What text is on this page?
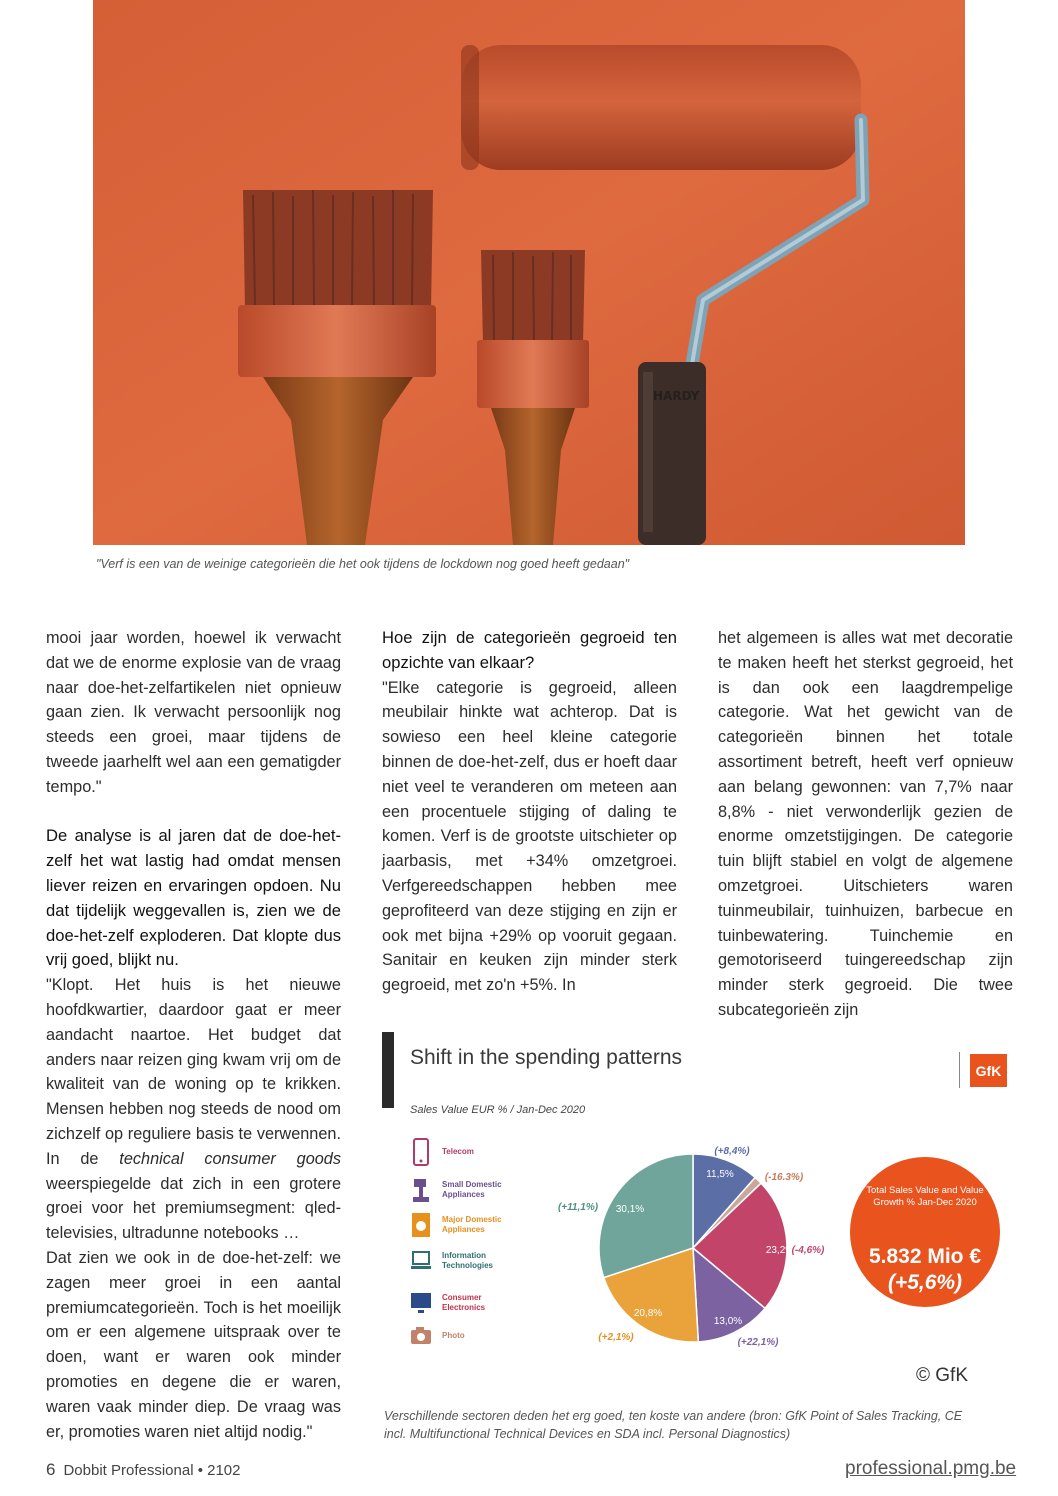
HARDY
"Verf is een van de weinige categorieën die het ook tijdens de lockdown nog goed heeft gedaan"

mooi jaar worden, hoewel ik verwacht dat we de enorme explosie van de vraag naar doe-het-zelfartikelen niet opnieuw gaan zien. Ik verwacht persoonlijk nog steeds een groei, maar tijdens de tweede jaarhelft wel aan een gematigder tempo."

De analyse is al jaren dat de doe-het-zelf het wat lastig had omdat mensen liever reizen en ervaringen opdoen. Nu dat tijdelijk weggevallen is, zien we de doe-het-zelf exploderen. Dat klopte dus vrij goed, blijkt nu.

"Klopt. Het huis is het nieuwe hoofdkwartier, daardoor gaat er meer aandacht naartoe. Het budget dat anders naar reizen ging kwam vrij om de kwaliteit van de woning op te krikken. Mensen hebben nog steeds de nood om zichzelf op reguliere basis te verwennen. In de technical consumer goods weerspiegelde dat zich in een grotere groei voor het premiumsegment: qled-televisies, ultradunne notebooks …

Dat zien we ook in de doe-het-zelf: we zagen meer groei in een aantal premiumcategorieën. Toch is het moeilijk om er een algemene uitspraak over te doen, want er waren ook minder promoties en degene die er waren, waren vaak minder diep. De vraag was er, promoties waren niet altijd nodig."

Hoe zijn de categorieën gegroeid ten opzichte van elkaar?

"Elke categorie is gegroeid, alleen meubilair hinkte wat achterop. Dat is sowieso een heel kleine categorie binnen de doe-het-zelf, dus er hoeft daar niet veel te veranderen om meteen aan een procentuele stijging of daling te komen. Verf is de grootste uitschieter op jaarbasis, met +34% omzetgroei. Verfgereedschappen hebben mee geprofiteerd van deze stijging en zijn er ook met bijna +29% op vooruit gegaan. Sanitair en keuken zijn minder sterk gegroeid, met zo'n +5%. In

het algemeen is alles wat met decoratie te maken heeft het sterkst gegroeid, het is dan ook een laagdrempelige categorie. Wat het gewicht van de categorieën binnen het totale assortiment betreft, heeft verf opnieuw aan belang gewonnen: van 7,7% naar 8,8% - niet verwonderlijk gezien de enorme omzetstijgingen. De categorie tuin blijft stabiel en volgt de algemene omzetgroei. Uitschieters waren tuinmeubilair, tuinhuizen, barbecue en tuinbewatering. Tuinchemie en gemotoriseerd tuingereedschap zijn minder sterk gegroeid. Die twee subcategorieën zijn

Shift in the spending patterns
Sales Value EUR % / Jan-Dec 2020
GfK
Telecom
Small Domestic Appliances
Major Domestic Appliances
Information Technologies
Consumer Electronics
Photo
11,5%
(+8,4%)
(-16.3%)
23,2%
(-4,6%)
13,0%
(+22,1%)
20,8%
(+2,1%)
30,1%
(+11,1%)
Total Sales Value and Value Growth % Jan-Dec 2020
5.832 Mio €
(+5,6%)
© GfK
Verschillende sectoren deden het erg goed, ten koste van andere (bron: GfK Point of Sales Tracking, CE incl. Multifunctional Technical Devices en SDA incl. Personal Diagnostics)
6 Dobbit Professional • 2102	professional.pmg.be
